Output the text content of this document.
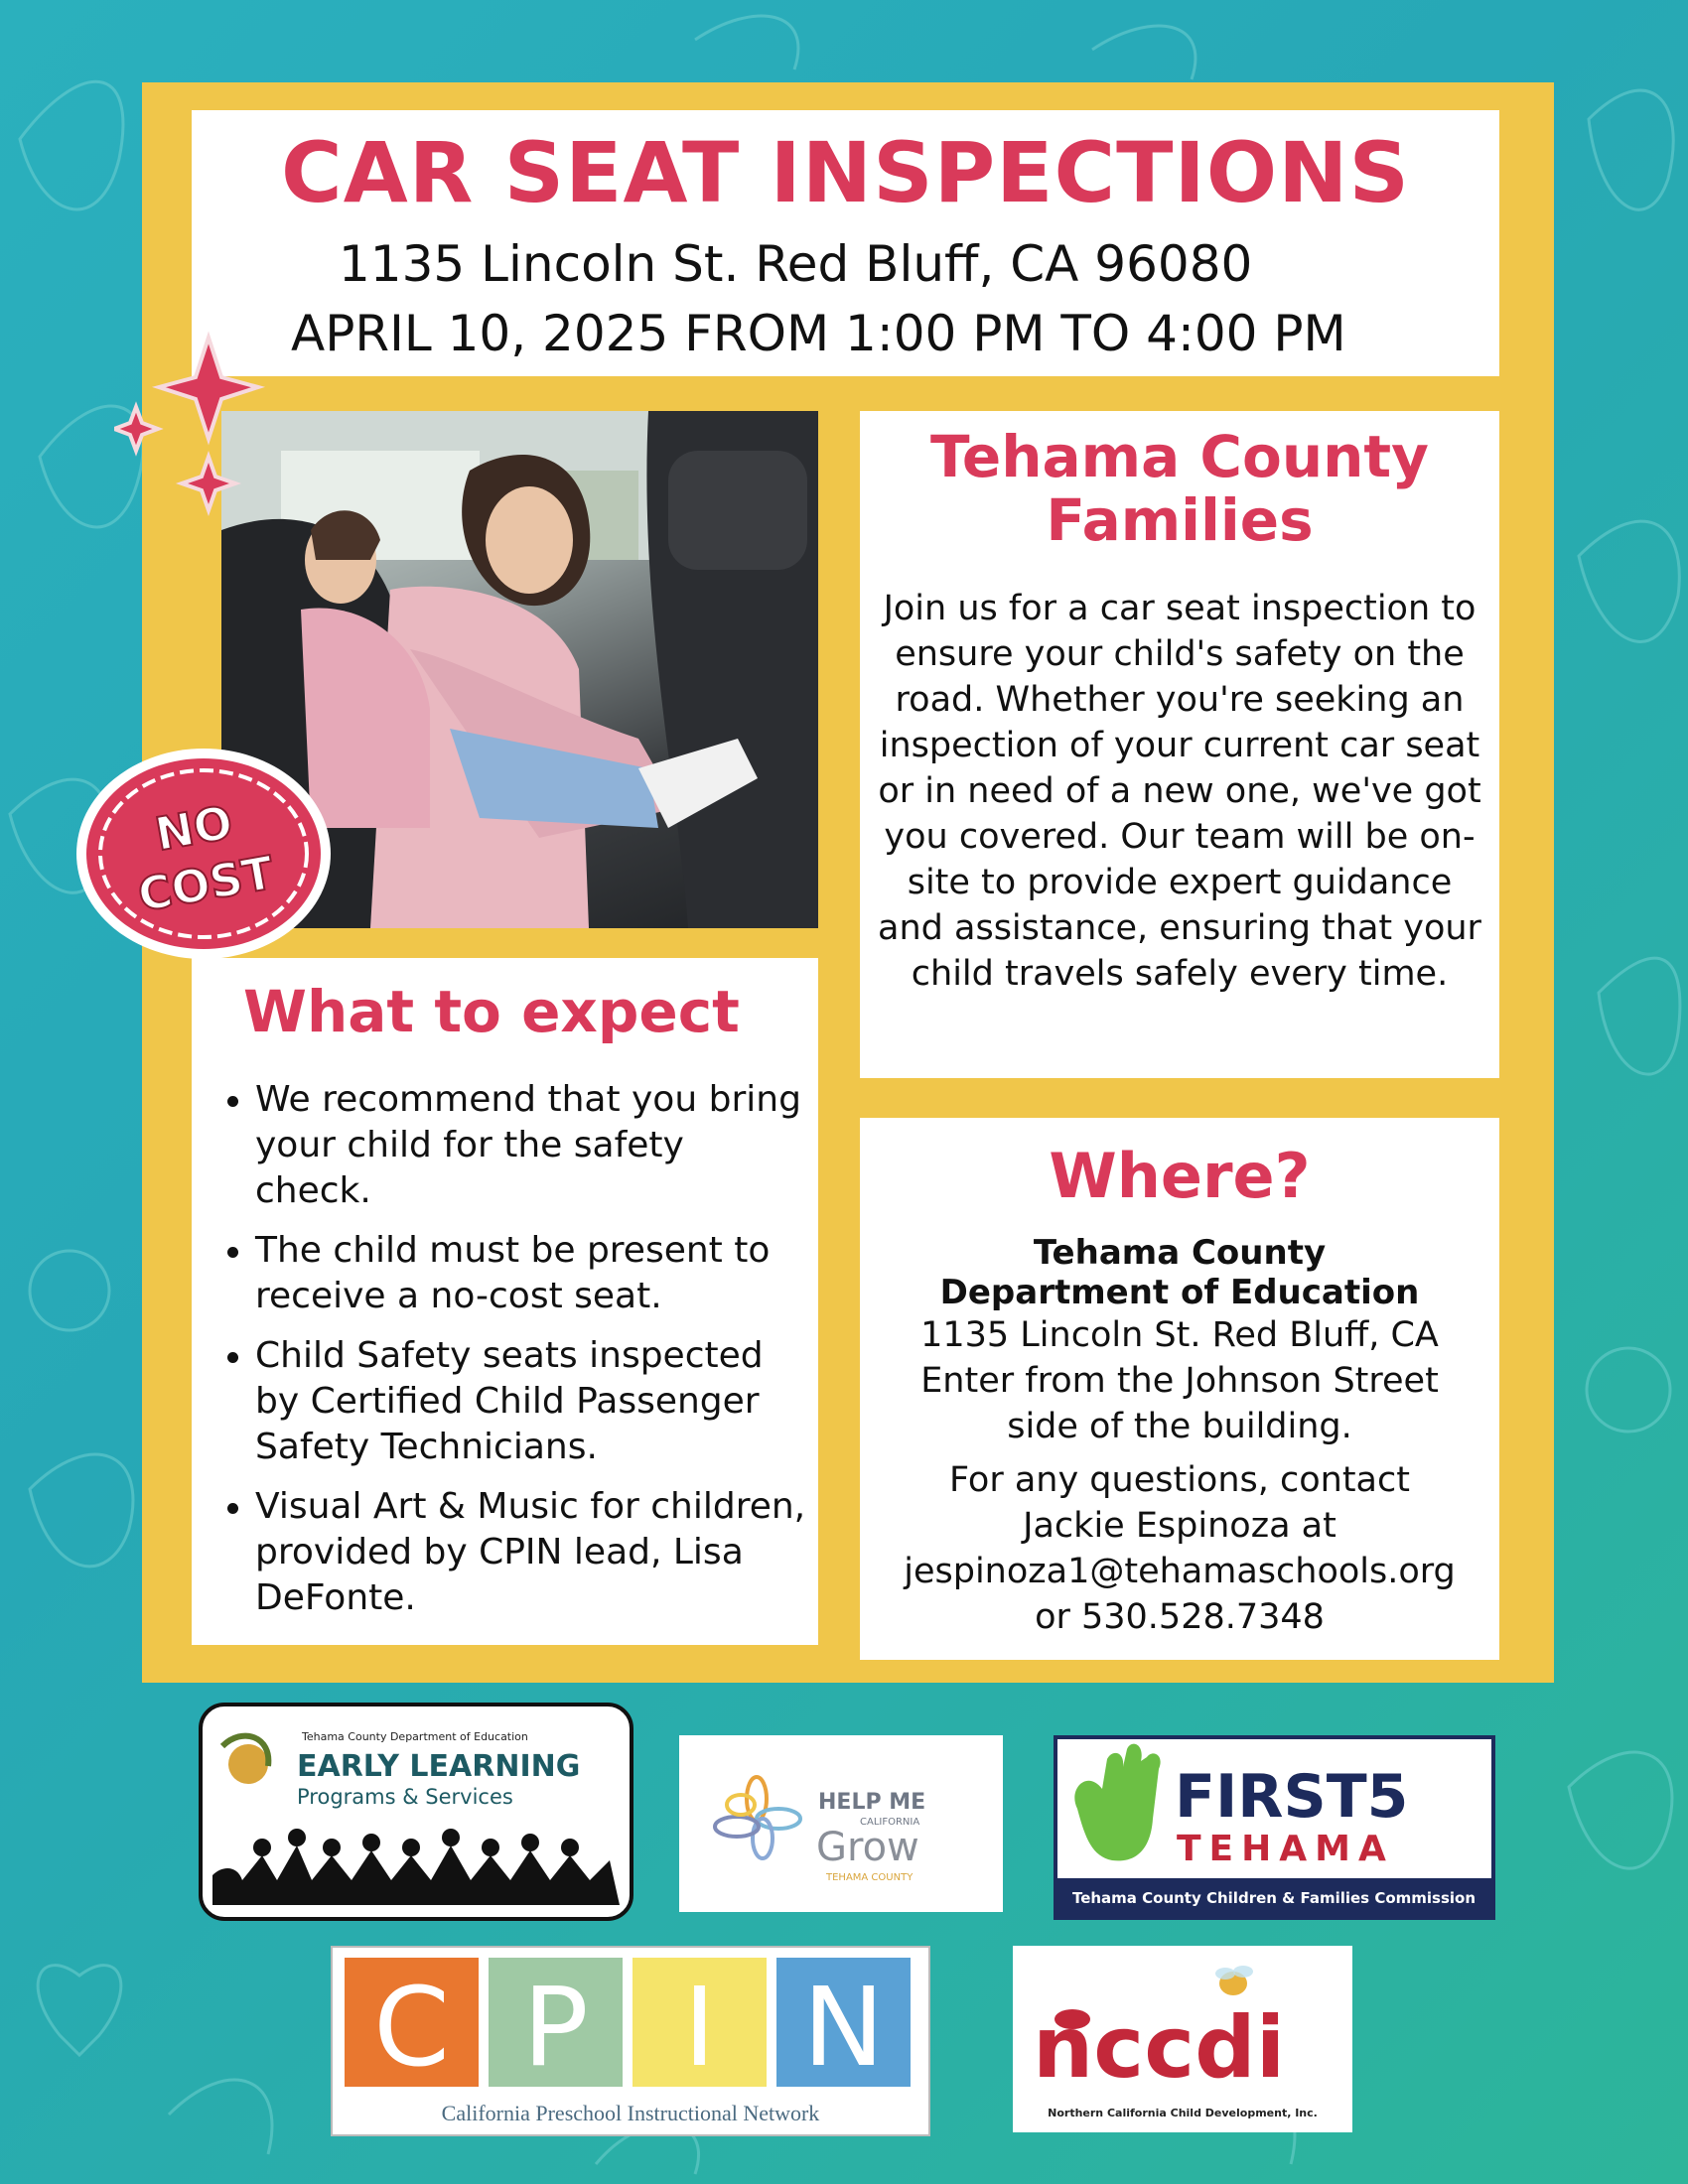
CAR SEAT INSPECTIONS
1135 Lincoln St. Red Bluff, CA 96080
APRIL 10, 2025 FROM 1:00 PM TO 4:00 PM
NO
COST
What to expect
We recommend that you bring your child for the safety check.
The child must be present to receive a no-cost seat.
Child Safety seats inspected by Certified Child Passenger Safety Technicians.
Visual Art & Music for children, provided by CPIN lead, Lisa DeFonte.
Tehama County
Families
Join us for a car seat inspection to ensure your child's safety on the road. Whether you're seeking an inspection of your current car seat or in need of a new one, we've got you covered. Our team will be on-site to provide expert guidance and assistance, ensuring that your child travels safely every time.
Where?
Tehama County
Department of Education
1135 Lincoln St. Red Bluff, CA
Enter from the Johnson Street
side of the building.
For any questions, contact
Jackie Espinoza at
jespinoza1@tehamaschools.org
or 530.528.7348
Tehama County Department of Education
EARLY LEARNING
Programs & Services	HELP ME
CALIFORNIA
Grow
TEHAMA COUNTY
FIRST5
TEHAMA
Tehama County Children & Families Commission
C P I N
California Preschool Instructional Network
nccdi
Northern California Child Development, Inc.
